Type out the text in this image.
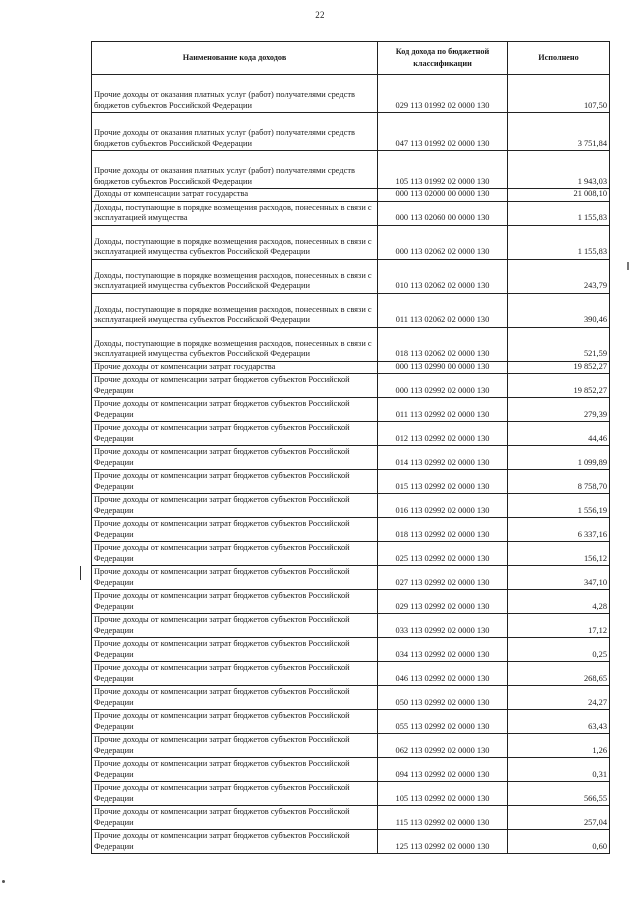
22
Наименование кода доходов	Код дохода по бюджетной классификации	Исполнено
Прочие доходы от оказания платных услуг (работ) получателями средств бюджетов субъектов Российской Федерации	029 113 01992 02 0000 130	107,50
Прочие доходы от оказания платных услуг (работ) получателями средств бюджетов субъектов Российской Федерации	047 113 01992 02 0000 130	3 751,84
Прочие доходы от оказания платных услуг (работ) получателями средств бюджетов субъектов Российской Федерации	105 113 01992 02 0000 130	1 943,03
Доходы от компенсации затрат государства	000 113 02000 00 0000 130	21 008,10
Доходы, поступающие в порядке возмещения расходов, понесенных в связи с эксплуатацией имущества	000 113 02060 00 0000 130	1 155,83
Доходы, поступающие в порядке возмещения расходов, понесенных в связи с эксплуатацией имущества субъектов Российской Федерации	000 113 02062 02 0000 130	1 155,83
Доходы, поступающие в порядке возмещения расходов, понесенных в связи с эксплуатацией имущества субъектов Российской Федерации	010 113 02062 02 0000 130	243,79
Доходы, поступающие в порядке возмещения расходов, понесенных в связи с эксплуатацией имущества субъектов Российской Федерации	011 113 02062 02 0000 130	390,46
Доходы, поступающие в порядке возмещения расходов, понесенных в связи с эксплуатацией имущества субъектов Российской Федерации	018 113 02062 02 0000 130	521,59
Прочие доходы от компенсации затрат государства	000 113 02990 00 0000 130	19 852,27
Прочие доходы от компенсации затрат бюджетов субъектов Российской Федерации	000 113 02992 02 0000 130	19 852,27
Прочие доходы от компенсации затрат бюджетов субъектов Российской Федерации	011 113 02992 02 0000 130	279,39
Прочие доходы от компенсации затрат бюджетов субъектов Российской Федерации	012 113 02992 02 0000 130	44,46
Прочие доходы от компенсации затрат бюджетов субъектов Российской Федерации	014 113 02992 02 0000 130	1 099,89
Прочие доходы от компенсации затрат бюджетов субъектов Российской Федерации	015 113 02992 02 0000 130	8 758,70
Прочие доходы от компенсации затрат бюджетов субъектов Российской Федерации	016 113 02992 02 0000 130	1 556,19
Прочие доходы от компенсации затрат бюджетов субъектов Российской Федерации	018 113 02992 02 0000 130	6 337,16
Прочие доходы от компенсации затрат бюджетов субъектов Российской Федерации	025 113 02992 02 0000 130	156,12
Прочие доходы от компенсации затрат бюджетов субъектов Российской Федерации	027 113 02992 02 0000 130	347,10
Прочие доходы от компенсации затрат бюджетов субъектов Российской Федерации	029 113 02992 02 0000 130	4,28
Прочие доходы от компенсации затрат бюджетов субъектов Российской Федерации	033 113 02992 02 0000 130	17,12
Прочие доходы от компенсации затрат бюджетов субъектов Российской Федерации	034 113 02992 02 0000 130	0,25
Прочие доходы от компенсации затрат бюджетов субъектов Российской Федерации	046 113 02992 02 0000 130	268,65
Прочие доходы от компенсации затрат бюджетов субъектов Российской Федерации	050 113 02992 02 0000 130	24,27
Прочие доходы от компенсации затрат бюджетов субъектов Российской Федерации	055 113 02992 02 0000 130	63,43
Прочие доходы от компенсации затрат бюджетов субъектов Российской Федерации	062 113 02992 02 0000 130	1,26
Прочие доходы от компенсации затрат бюджетов субъектов Российской Федерации	094 113 02992 02 0000 130	0,31
Прочие доходы от компенсации затрат бюджетов субъектов Российской Федерации	105 113 02992 02 0000 130	566,55
Прочие доходы от компенсации затрат бюджетов субъектов Российской Федерации	115 113 02992 02 0000 130	257,04
Прочие доходы от компенсации затрат бюджетов субъектов Российской Федерации	125 113 02992 02 0000 130	0,60
